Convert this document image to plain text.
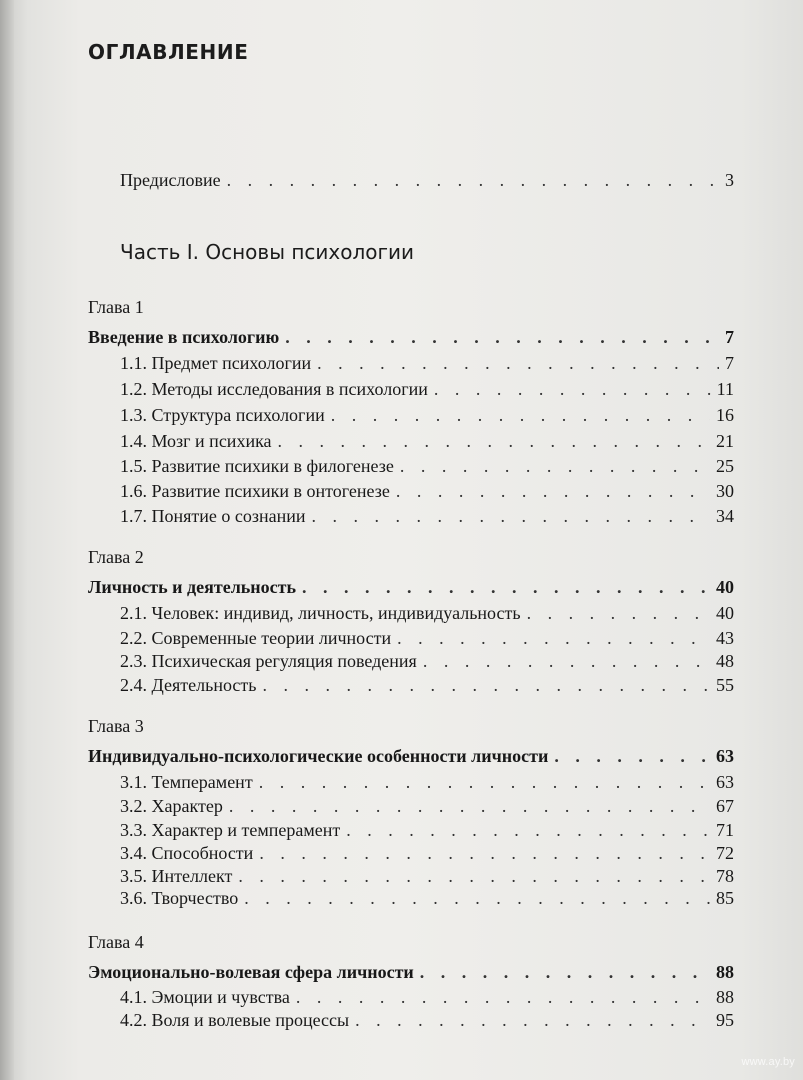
ОГЛАВЛЕНИЕ
Предисловие . . .	3
Часть I. Основы психологии
Глава 1
Введение в психологию . . .	7
1.1. Предмет психологии . . .	7
1.2. Методы исследования в психологии . . .	11
1.3. Структура психологии . . .	16
1.4. Мозг и психика . . .	21
1.5. Развитие психики в филогенезе . . .	25
1.6. Развитие психики в онтогенезе . . .	30
1.7. Понятие о сознании . . .	34
Глава 2
Личность и деятельность . . .	40
2.1. Человек: индивид, личность, индивидуальность . . .	40
2.2. Современные теории личности . . .	43
2.3. Психическая регуляция поведения . . .	48
2.4. Деятельность . . .	55
Глава 3
Индивидуально-психологические особенности личности . . .	63
3.1. Темперамент . . .	63
3.2. Характер . . .	67
3.3. Характер и темперамент . . .	71
3.4. Способности . . .	72
3.5. Интеллект . . .	78
3.6. Творчество . . .	85
Глава 4
Эмоционально-волевая сфера личности . . .	88
4.1. Эмоции и чувства . . .	88
4.2. Воля и волевые процессы . . .	95
www.ay.by
